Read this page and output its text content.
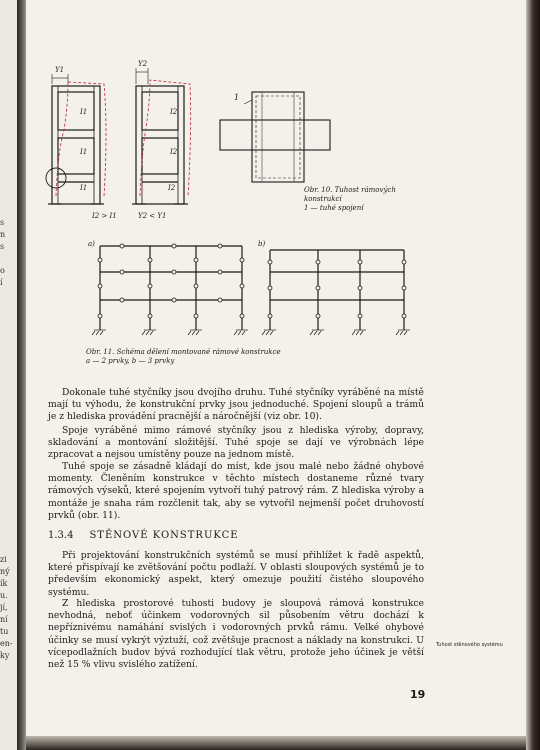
s
n
s
o
í
zi
ný
ík
u.
jí,
ní
tu
en-
ky
Y1
Y2
I1
I1
I1
I2
I2
I2
I2 > I1	Y2 < Y1
1
a)	b)
Obr. 10. Tuhost rámových
konstrukcí
1 — tuhé spojení
Obr. 11. Schéma dělení montované rámové konstrukce
a — 2 prvky, b — 3 prvky

Dokonale tuhé styčníky jsou dvojího druhu. Tuhé styčníky vyráběné na místě mají tu výhodu, že konstrukční prvky jsou jednoduché. Spojení sloupů a trámů je z hlediska provádění pracnější a náročnější (viz obr. 10).

Spoje vyráběné mimo rámové styčníky jsou z hlediska výroby, dopravy, skladování a montování složitější. Tuhé spoje se dají ve výrobnách lépe zpracovat a nejsou umístěny pouze na jednom místě.

Tuhé spoje se zásadně kládají do míst, kde jsou malé nebo žádné ohybové momenty. Členěním konstrukce v těchto místech dostaneme různé tvary rámových výseků, které spojením vytvoří tuhý patrový rám. Z hlediska výroby a montáže je snaha rám rozčlenit tak, aby se vytvořil nejmenší počet druhovostí prvků (obr. 11).

1.3.4 STĚNOVÉ KONSTRUKCE

Při projektování konstrukčních systémů se musí přihlížet k řadě aspektů, které přispívají ke zvětšování počtu podlaží. V oblasti sloupových systémů je to především ekonomický aspekt, který omezuje použití čistého sloupového systému.

Z hlediska prostorové tuhosti budovy je sloupová rámová konstrukce nevhodná, neboť účinkem vodorovných sil působením větru dochází k nepříznivému namáhání svislých i vodorovných prvků rámu. Velké ohybové účinky se musí vykrýt výztuží, což zvětšuje pracnost a náklady na konstrukci. U vícepodlažních budov bývá rozhodující tlak větru, protože jeho účinek je větší než 15 % vlivu svislého zatížení.

Tuhost stěnového systému
19
